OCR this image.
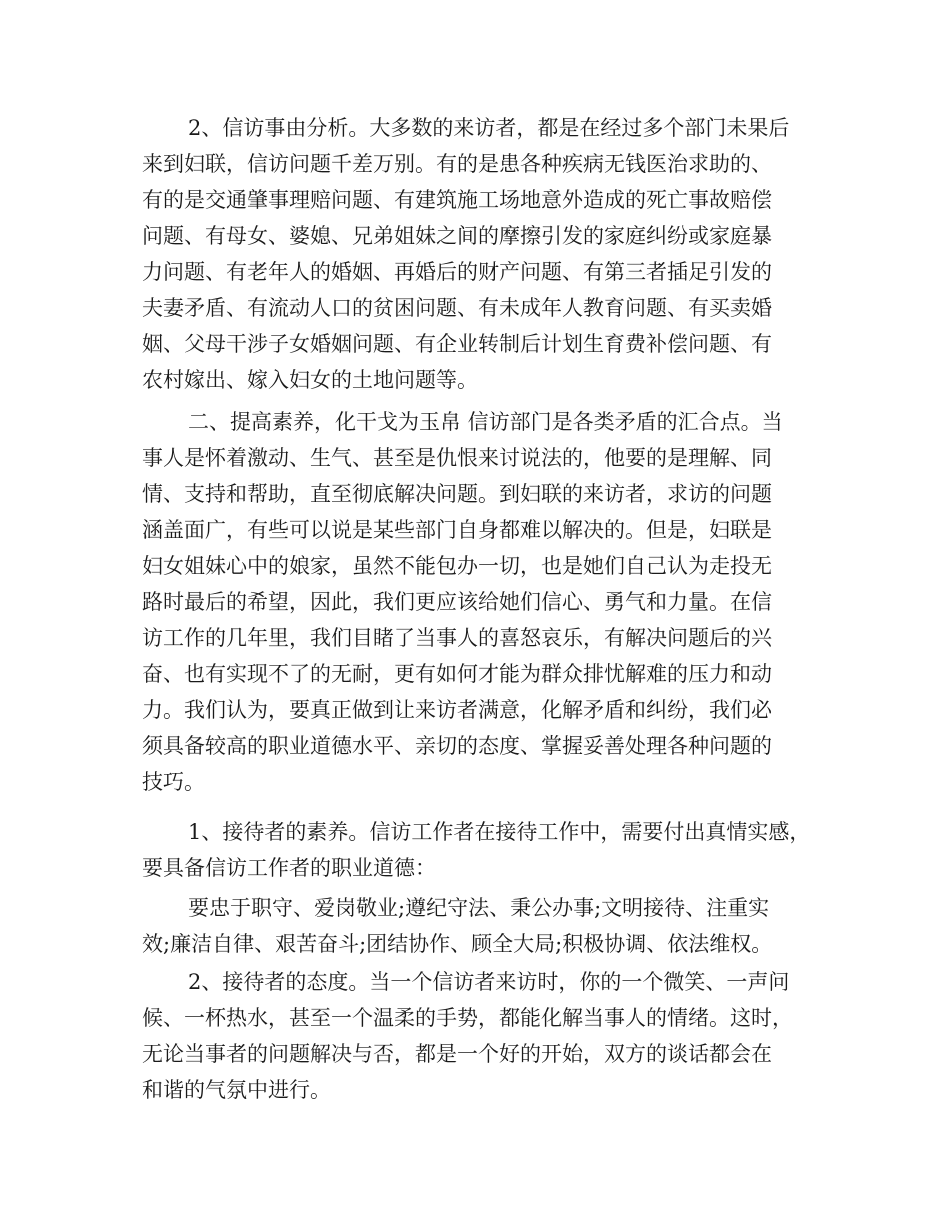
2、信访事由分析。大多数的来访者，都是在经过多个部门未果后
来到妇联，信访问题千差万别。有的是患各种疾病无钱医治求助的、
有的是交通肇事理赔问题、有建筑施工场地意外造成的死亡事故赔偿
问题、有母女、婆媳、兄弟姐妹之间的摩擦引发的家庭纠纷或家庭暴
力问题、有老年人的婚姻、再婚后的财产问题、有第三者插足引发的
夫妻矛盾、有流动人口的贫困问题、有未成年人教育问题、有买卖婚
姻、父母干涉子女婚姻问题、有企业转制后计划生育费补偿问题、有
农村嫁出、嫁入妇女的土地问题等。
二、提高素养，化干戈为玉帛 信访部门是各类矛盾的汇合点。当
事人是怀着激动、生气、甚至是仇恨来讨说法的，他要的是理解、同
情、支持和帮助，直至彻底解决问题。到妇联的来访者，求访的问题
涵盖面广，有些可以说是某些部门自身都难以解决的。但是，妇联是
妇女姐妹心中的娘家，虽然不能包办一切，也是她们自己认为走投无
路时最后的希望，因此，我们更应该给她们信心、勇气和力量。在信
访工作的几年里，我们目睹了当事人的喜怒哀乐，有解决问题后的兴
奋、也有实现不了的无耐，更有如何才能为群众排忧解难的压力和动
力。我们认为，要真正做到让来访者满意，化解矛盾和纠纷，我们必
须具备较高的职业道德水平、亲切的态度、掌握妥善处理各种问题的
技巧。
1、接待者的素养。信访工作者在接待工作中，需要付出真情实感，
要具备信访工作者的职业道德：
要忠于职守、爱岗敬业;遵纪守法、秉公办事;文明接待、注重实
效;廉洁自律、艰苦奋斗;团结协作、顾全大局;积极协调、依法维权。
2、接待者的态度。当一个信访者来访时，你的一个微笑、一声问
候、一杯热水，甚至一个温柔的手势，都能化解当事人的情绪。这时，
无论当事者的问题解决与否，都是一个好的开始，双方的谈话都会在
和谐的气氛中进行。
